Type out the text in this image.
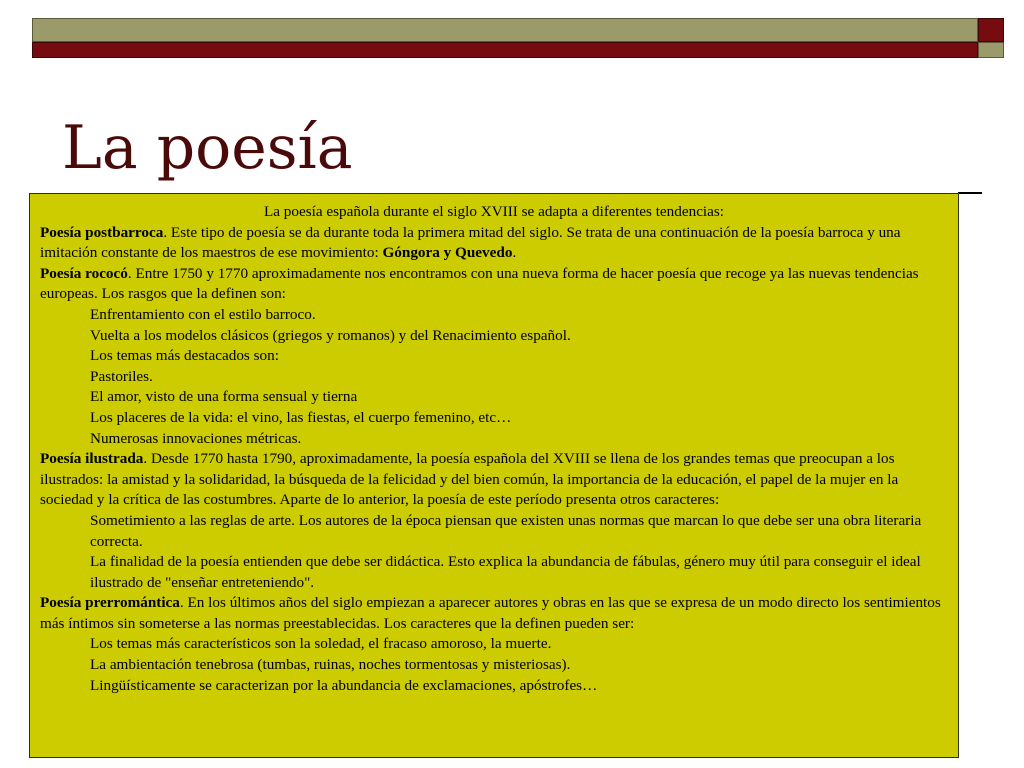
La poesía

La poesía española durante el siglo XVIII se adapta a diferentes tendencias:

Poesía postbarroca. Este tipo de poesía se da durante toda la primera mitad del siglo. Se trata de una continuación de la poesía barroca y una imitación constante de los maestros de ese movimiento: Góngora y Quevedo.

Poesía rococó. Entre 1750 y 1770 aproximadamente nos encontramos con una nueva forma de hacer poesía que recoge ya las nuevas tendencias europeas. Los rasgos que la definen son:

Enfrentamiento con el estilo barroco.

Vuelta a los modelos clásicos (griegos y romanos) y del Renacimiento español.

Los temas más destacados son:

Pastoriles.

El amor, visto de una forma sensual y tierna

Los placeres de la vida: el vino, las fiestas, el cuerpo femenino, etc…

Numerosas innovaciones métricas.

Poesía ilustrada. Desde 1770 hasta 1790, aproximadamente, la poesía española del XVIII se llena de los grandes temas que preocupan a los ilustrados: la amistad y la solidaridad, la búsqueda de la felicidad y del bien común, la importancia de la educación, el papel de la mujer en la sociedad y la crítica de las costumbres. Aparte de lo anterior, la poesía de este período presenta otros caracteres:

Sometimiento a las reglas de arte. Los autores de la época piensan que existen unas normas que marcan lo que debe ser una obra literaria correcta.

La finalidad de la poesía entienden que debe ser didáctica. Esto explica la abundancia de fábulas, género muy útil para conseguir el ideal ilustrado de "enseñar entreteniendo".

Poesía prerromántica. En los últimos años del siglo empiezan a aparecer autores y obras en las que se expresa de un modo directo los sentimientos más íntimos sin someterse a las normas preestablecidas. Los caracteres que la definen pueden ser:

Los temas más característicos son la soledad, el fracaso amoroso, la muerte.

La ambientación tenebrosa (tumbas, ruinas, noches tormentosas y misteriosas).

Lingüísticamente se caracterizan por la abundancia de exclamaciones, apóstrofes…
